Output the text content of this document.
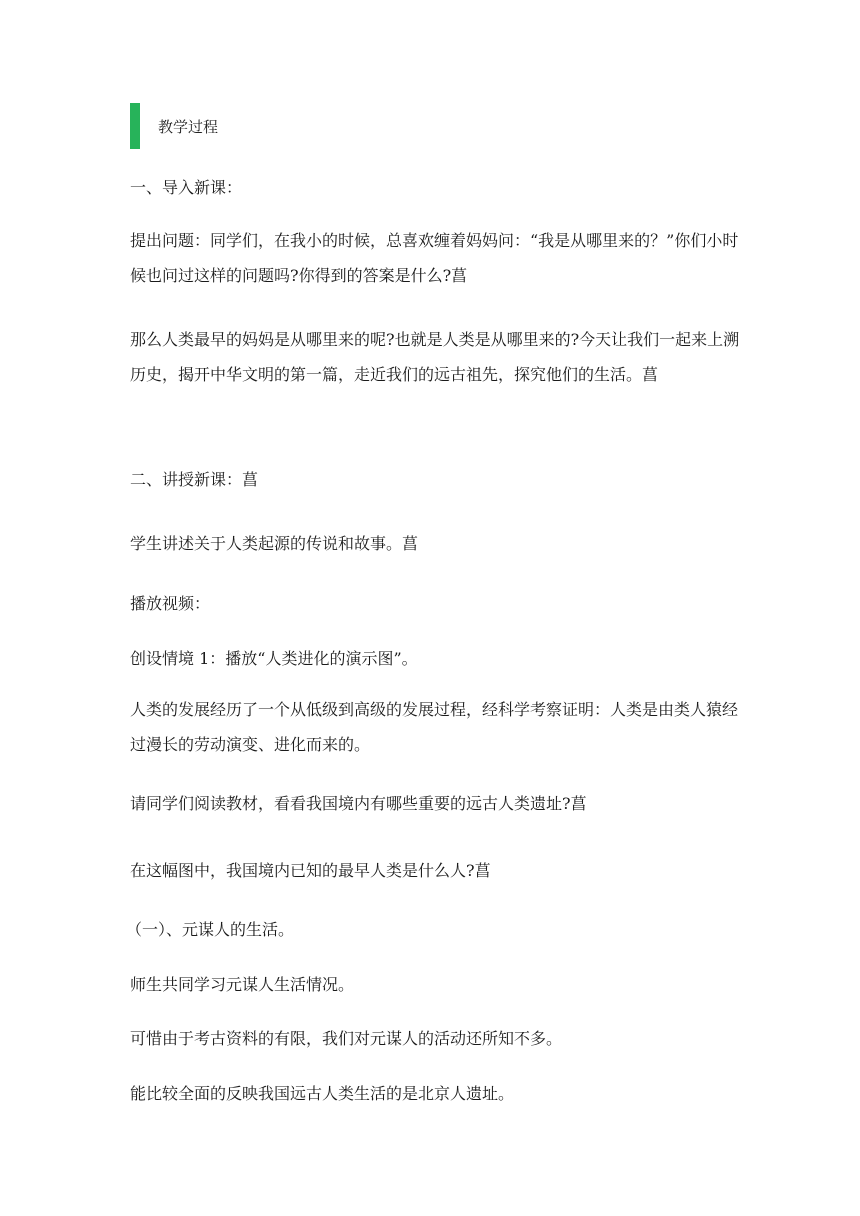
教学过程

一、导入新课：

提出问题：同学们，在我小的时候，总喜欢缠着妈妈问：“我是从哪里来的？”你们小时候也问过这样的问题吗?你得到的答案是什么?菖

那么人类最早的妈妈是从哪里来的呢?也就是人类是从哪里来的?今天让我们一起来上溯历史，揭开中华文明的第一篇，走近我们的远古祖先，探究他们的生活。菖

二、讲授新课：菖

学生讲述关于人类起源的传说和故事。菖

播放视频：

创设情境 1：播放“人类进化的演示图”。

人类的发展经历了一个从低级到高级的发展过程，经科学考察证明：人类是由类人猿经过漫长的劳动演变、进化而来的。

请同学们阅读教材，看看我国境内有哪些重要的远古人类遗址?菖

在这幅图中，我国境内已知的最早人类是什么人?菖

（一）、元谋人的生活。

师生共同学习元谋人生活情况。

可惜由于考古资料的有限，我们对元谋人的活动还所知不多。

能比较全面的反映我国远古人类生活的是北京人遗址。
